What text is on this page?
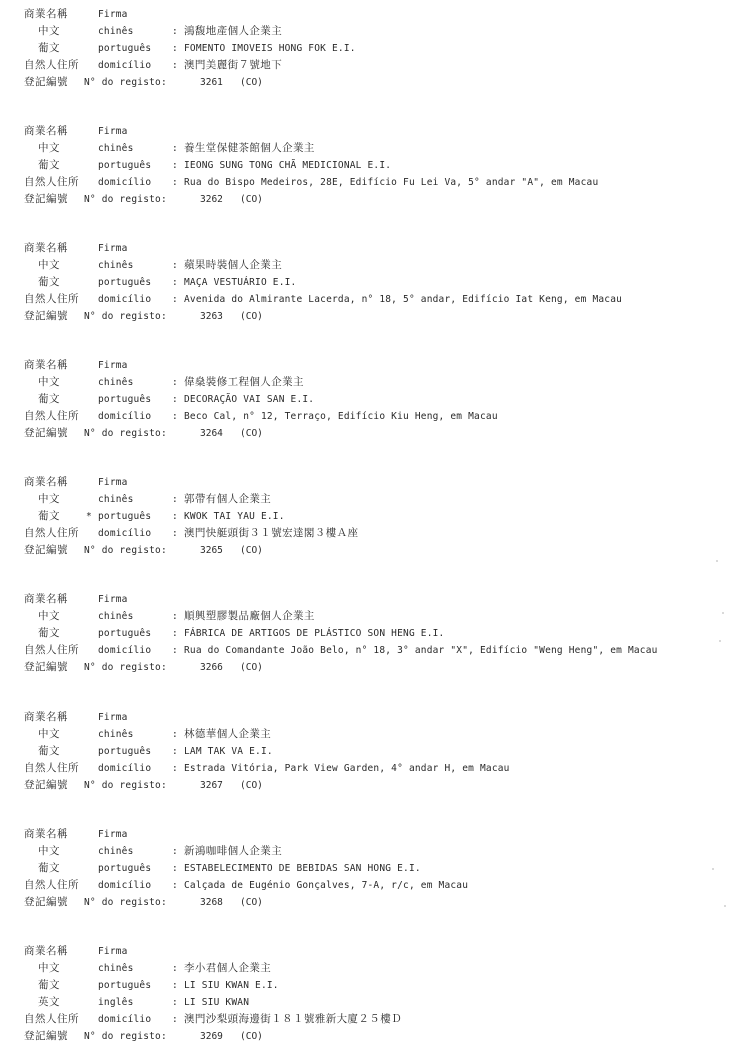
商業名稱	Firma
中文	chinês	: 鴻馥地產個人企業主
葡文	português : FOMENTO IMOVEIS HONG FOK E.I.
自然人住所 domicílio : 澳門美麗街７號地下
登記編號 N° do registo:	3261 (CO)
商業名稱	Firma
中文	chinês	: 養生堂保健茶館個人企業主
葡文	português : IEONG SUNG TONG CHÃ MEDICIONAL E.I.
自然人住所 domicílio : Rua do Bispo Medeiros, 28E, Edifício Fu Lei Va, 5° andar "A", em Macau
登記編號 N° do registo:	3262 (CO)
商業名稱	Firma
中文	chinês	: 蘋果時裝個人企業主
葡文	português : MAÇA VESTUÁRIO E.I.
自然人住所 domicílio : Avenida do Almirante Lacerda, n° 18, 5° andar, Edifício Iat Keng, em Macau
登記編號 N° do registo:	3263 (CO)
商業名稱	Firma
中文	chinês	: 偉燊裝修工程個人企業主
葡文	português : DECORAÇÃO VAI SAN E.I.
自然人住所 domicílio : Beco Cal, n° 12, Terraço, Edifício Kiu Heng, em Macau
登記編號 N° do registo:	3264 (CO)
商業名稱	Firma
中文	chinês	: 郭帶有個人企業主
葡文	* português : KWOK TAI YAU E.I.
自然人住所 domicílio : 澳門快艇頭街３１號宏達閣３樓Ａ座
登記編號 N° do registo:	3265 (CO)
商業名稱	Firma
中文	chinês	: 順興塑膠製品廠個人企業主
葡文	português : FÁBRICA DE ARTIGOS DE PLÁSTICO SON HENG E.I.
自然人住所 domicílio : Rua do Comandante João Belo, n° 18, 3° andar "X", Edifício "Weng Heng", em Macau
登記編號 N° do registo:	3266 (CO)
商業名稱	Firma
中文	chinês	: 林德華個人企業主
葡文	português : LAM TAK VA E.I.
自然人住所 domicílio : Estrada Vitória, Park View Garden, 4° andar H, em Macau
登記編號 N° do registo:	3267 (CO)
商業名稱	Firma
中文	chinês	: 新鴻咖啡個人企業主
葡文	português : ESTABELECIMENTO DE BEBIDAS SAN HONG E.I.
自然人住所 domicílio : Calçada de Eugénio Gonçalves, 7-A, r/c, em Macau
登記編號 N° do registo:	3268 (CO)
商業名稱	Firma
中文	chinês	: 李小君個人企業主
葡文	português : LI SIU KWAN E.I.
英文	inglês	: LI SIU KWAN
自然人住所 domicílio : 澳門沙梨頭海邊街１８１號雅新大廈２５樓Ｄ
登記編號 N° do registo:	3269 (CO)
